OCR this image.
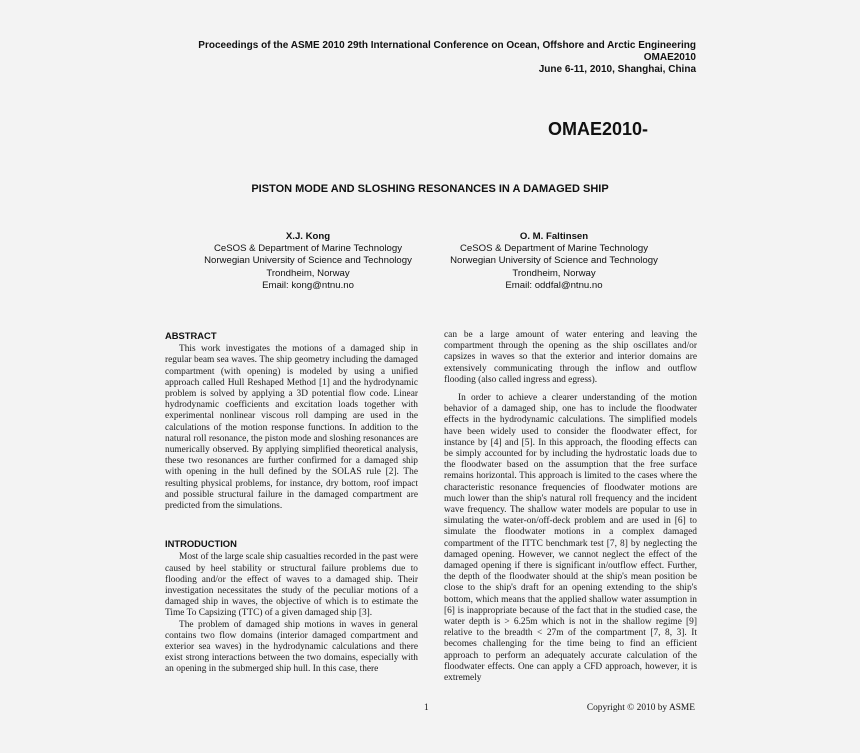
Proceedings of the ASME 2010 29th International Conference on Ocean, Offshore and Arctic Engineering
OMAE2010
June 6-11, 2010, Shanghai, China
OMAE2010-
PISTON MODE AND SLOSHING RESONANCES IN A DAMAGED SHIP
X.J. Kong
CeSOS & Department of Marine Technology
Norwegian University of Science and Technology
Trondheim, Norway
Email: kong@ntnu.no
O. M. Faltinsen
CeSOS & Department of Marine Technology
Norwegian University of Science and Technology
Trondheim, Norway
Email: oddfal@ntnu.no
ABSTRACT

This work investigates the motions of a damaged ship in regular beam sea waves. The ship geometry including the damaged compartment (with opening) is modeled by using a unified approach called Hull Reshaped Method [1] and the hydrodynamic problem is solved by applying a 3D potential flow code. Linear hydrodynamic coefficients and excitation loads together with experimental nonlinear viscous roll damping are used in the calculations of the motion response functions. In addition to the natural roll resonance, the piston mode and sloshing resonances are numerically observed. By applying simplified theoretical analysis, these two resonances are further confirmed for a damaged ship with opening in the hull defined by the SOLAS rule [2]. The resulting physical problems, for instance, dry bottom, roof impact and possible structural failure in the damaged compartment are predicted from the simulations.

INTRODUCTION

Most of the large scale ship casualties recorded in the past were caused by heel stability or structural failure problems due to flooding and/or the effect of waves to a damaged ship. Their investigation necessitates the study of the peculiar motions of a damaged ship in waves, the objective of which is to estimate the Time To Capsizing (TTC) of a given damaged ship [3].

The problem of damaged ship motions in waves in general contains two flow domains (interior damaged compartment and exterior sea waves) in the hydrodynamic calculations and there exist strong interactions between the two domains, especially with an opening in the submerged ship hull. In this case, there

can be a large amount of water entering and leaving the compartment through the opening as the ship oscillates and/or capsizes in waves so that the exterior and interior domains are extensively communicating through the inflow and outflow flooding (also called ingress and egress).

In order to achieve a clearer understanding of the motion behavior of a damaged ship, one has to include the floodwater effects in the hydrodynamic calculations. The simplified models have been widely used to consider the floodwater effect, for instance by [4] and [5]. In this approach, the flooding effects can be simply accounted for by including the hydrostatic loads due to the floodwater based on the assumption that the free surface remains horizontal. This approach is limited to the cases where the characteristic resonance frequencies of floodwater motions are much lower than the ship's natural roll frequency and the incident wave frequency. The shallow water models are popular to use in simulating the water-on/off-deck problem and are used in [6] to simulate the floodwater motions in a complex damaged compartment of the ITTC benchmark test [7, 8] by neglecting the damaged opening. However, we cannot neglect the effect of the damaged opening if there is significant in/outflow effect. Further, the depth of the floodwater should at the ship's mean position be close to the ship's draft for an opening extending to the ship's bottom, which means that the applied shallow water assumption in [6] is inappropriate because of the fact that in the studied case, the water depth is > 6.25m which is not in the shallow regime [9] relative to the breadth < 27m of the compartment [7, 8, 3]. It becomes challenging for the time being to find an efficient approach to perform an adequately accurate calculation of the floodwater effects. One can apply a CFD approach, however, it is extremely

1	Copyright © 2010 by ASME
